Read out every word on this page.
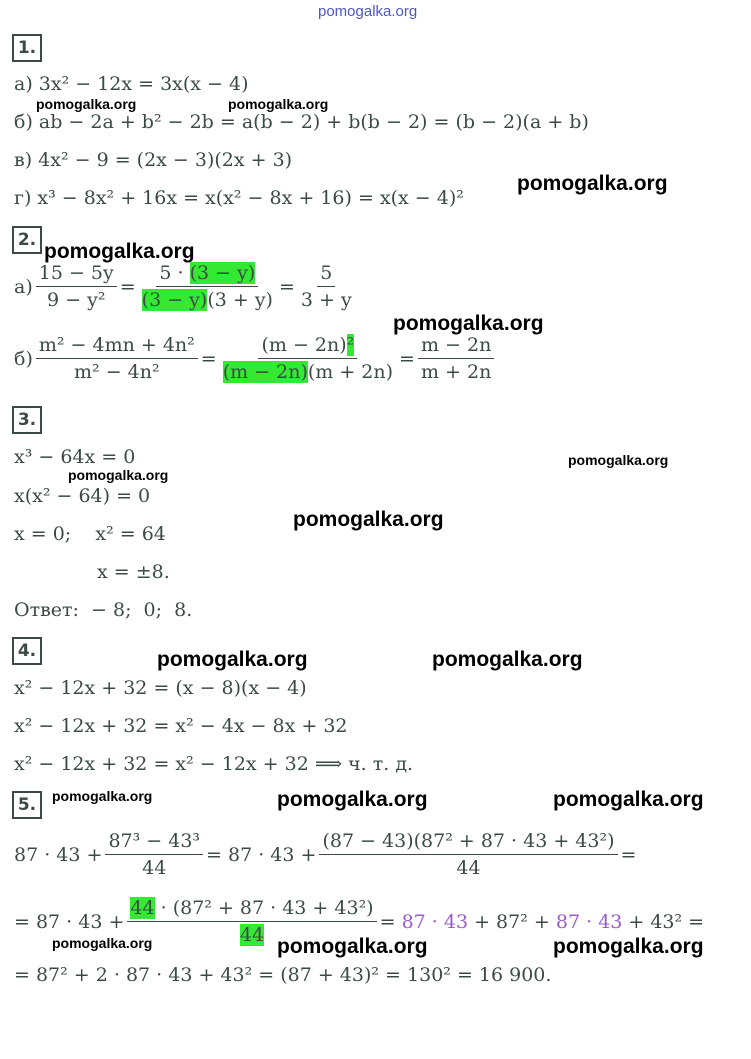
pomogalka.org
1.
а) 3x² − 12x = 3x(x − 4)
б) ab − 2a + b² − 2b = a(b − 2) + b(b − 2) = (b − 2)(a + b)
в) 4x² − 9 = (2x − 3)(2x + 3)
г) x³ − 8x² + 16x = x(x² − 8x + 16) = x(x − 4)²
2.
$а) \frac{15 - 5y}{\text{9 − y²}} = \frac{5 \cdot (3 - y)}{(3 - y)(3 + y)} = \frac{5}{3 + y}$
$б) \frac{\text{m² − 4mn + 4n²}}{\text{m² − 4n²}} = \frac{\text{(m − 2n)²}}{(m - 2n)(m + 2n)} = \frac{m - 2n}{m + 2n}$
3.
x³ − 64x = 0
x(x² − 64) = 0
x = 0;    x² = 64
x = ±8.
Ответ:  − 8;  0;  8.
4.
x² − 12x + 32 = (x − 8)(x − 4)
x² − 12x + 32 = x² − 4x − 8x + 32
x² − 12x + 32 = x² − 12x + 32 ⟹ ч. т. д.
5.
$87 \cdot 43 + \frac{\text{87³ − 43³}}{44} = 87 \cdot 43 + \frac{\text{(87 − 43)(87² + 87 · 43 + 43²)}}{44}$ =
= $87 \cdot 43 + \frac{\text{44 · (87² + 87 · 43 + 43²)}}{44}$ =
87 · 43 + 87² + 87 · 43 + 43² =
= 87² + 2 · 87 · 43 + 43² = (87 + 43)² = 130² = 16 900.
pomogalka.org	pomogalka.org
pomogalka.org
pomogalka.org
pomogalka.org
pomogalka.org
pomogalka.org
pomogalka.org
pomogalka.org	pomogalka.org
pomogalka.org	pomogalka.org	pomogalka.org
pomogalka.org	pomogalka.org	pomogalka.org
